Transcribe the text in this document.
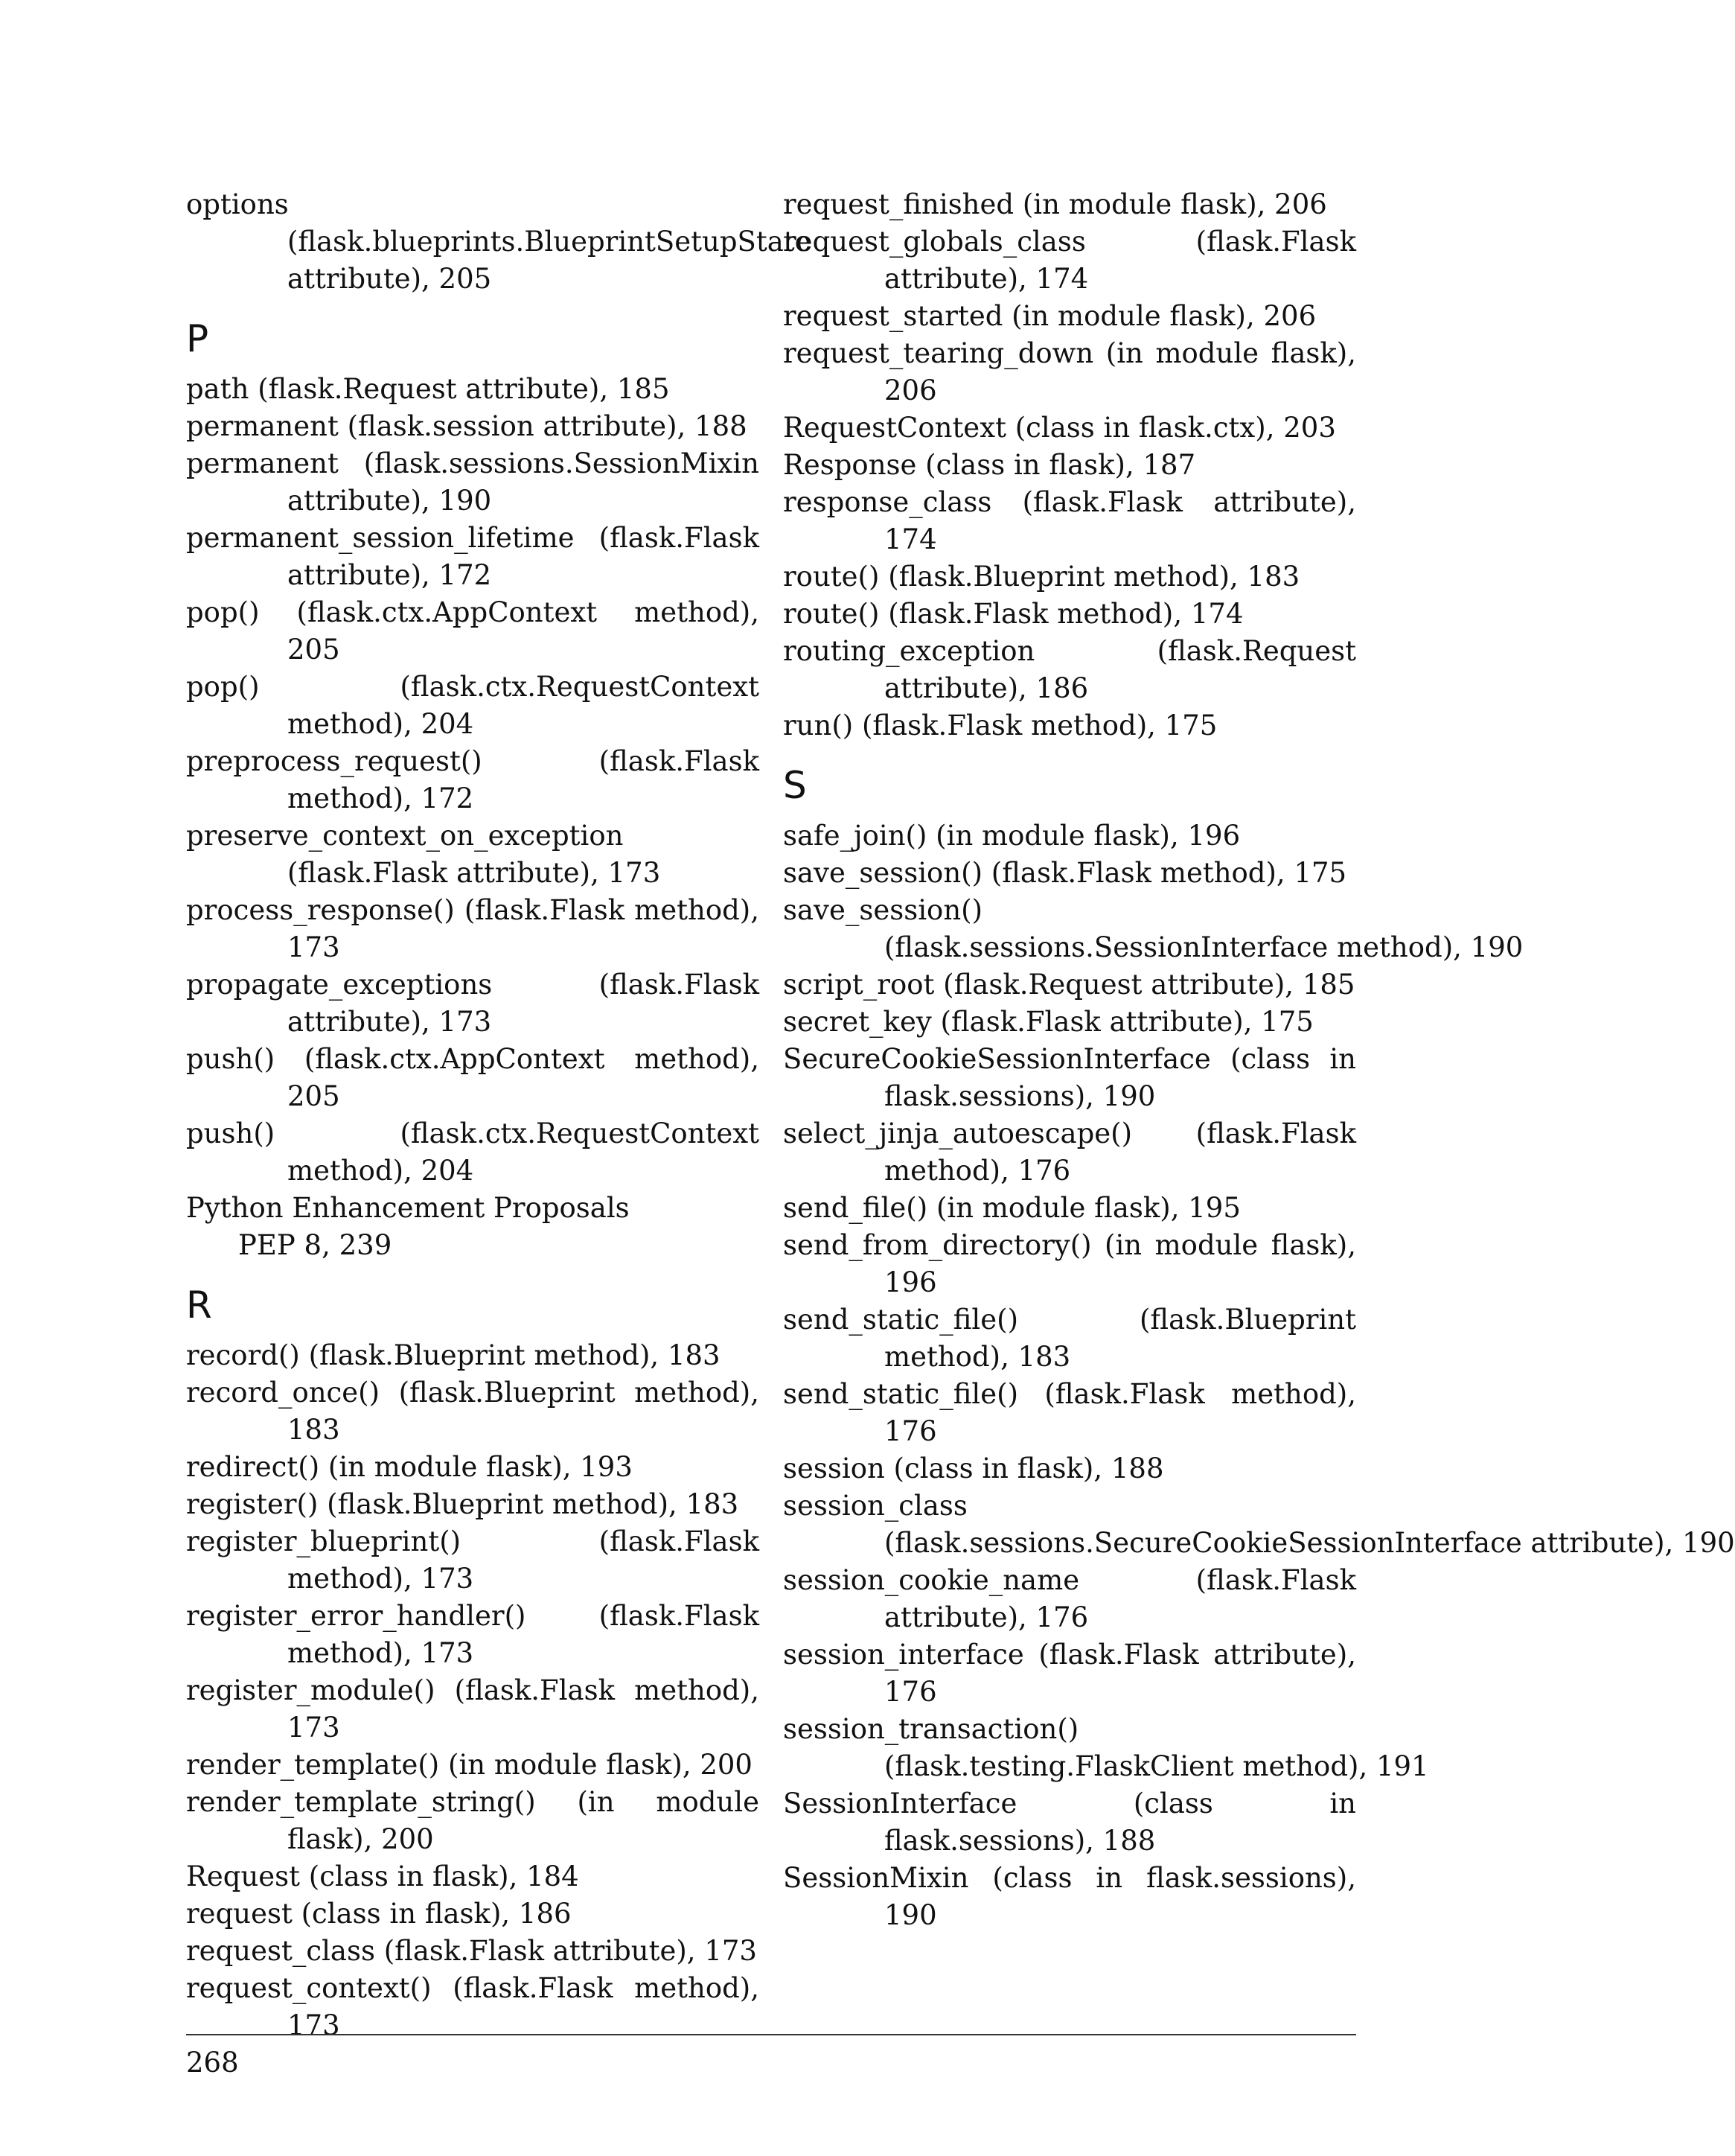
options (flask.blueprints.BlueprintSetupState attribute), 205
P
path (flask.Request attribute), 185
permanent (flask.session attribute), 188
permanent (flask.sessions.SessionMixin attribute), 190
permanent_session_lifetime (flask.Flask attribute), 172
pop() (flask.ctx.AppContext method), 205
pop() (flask.ctx.RequestContext method), 204
preprocess_request() (flask.Flask method), 172
preserve_context_on_exception
(flask.Flask attribute), 173
process_response() (flask.Flask method), 173
propagate_exceptions (flask.Flask attribute), 173
push() (flask.ctx.AppContext method), 205
push() (flask.ctx.RequestContext method), 204
Python Enhancement Proposals
PEP 8, 239
R
record() (flask.Blueprint method), 183
record_once() (flask.Blueprint method), 183
redirect() (in module flask), 193
register() (flask.Blueprint method), 183
register_blueprint() (flask.Flask method), 173
register_error_handler() (flask.Flask method), 173
register_module() (flask.Flask method), 173
render_template() (in module flask), 200
render_template_string() (in module flask), 200
Request (class in flask), 184
request (class in flask), 186
request_class (flask.Flask attribute), 173
request_context() (flask.Flask method), 173
request_finished (in module flask), 206
request_globals_class (flask.Flask attribute), 174
request_started (in module flask), 206
request_tearing_down (in module flask), 206
RequestContext (class in flask.ctx), 203
Response (class in flask), 187
response_class (flask.Flask attribute), 174
route() (flask.Blueprint method), 183
route() (flask.Flask method), 174
routing_exception (flask.Request attribute), 186
run() (flask.Flask method), 175
S
safe_join() (in module flask), 196
save_session() (flask.Flask method), 175
save_session()
(flask.sessions.SessionInterface method), 190
script_root (flask.Request attribute), 185
secret_key (flask.Flask attribute), 175
SecureCookieSessionInterface (class in flask.sessions), 190
select_jinja_autoescape() (flask.Flask method), 176
send_file() (in module flask), 195
send_from_directory() (in module flask), 196
send_static_file() (flask.Blueprint method), 183
send_static_file() (flask.Flask method), 176
session (class in flask), 188
session_class
(flask.sessions.SecureCookieSessionInterface attribute), 190
session_cookie_name (flask.Flask attribute), 176
session_interface (flask.Flask attribute), 176
session_transaction()
(flask.testing.FlaskClient method), 191
SessionInterface (class in flask.sessions), 188
SessionMixin (class in flask.sessions), 190
268
